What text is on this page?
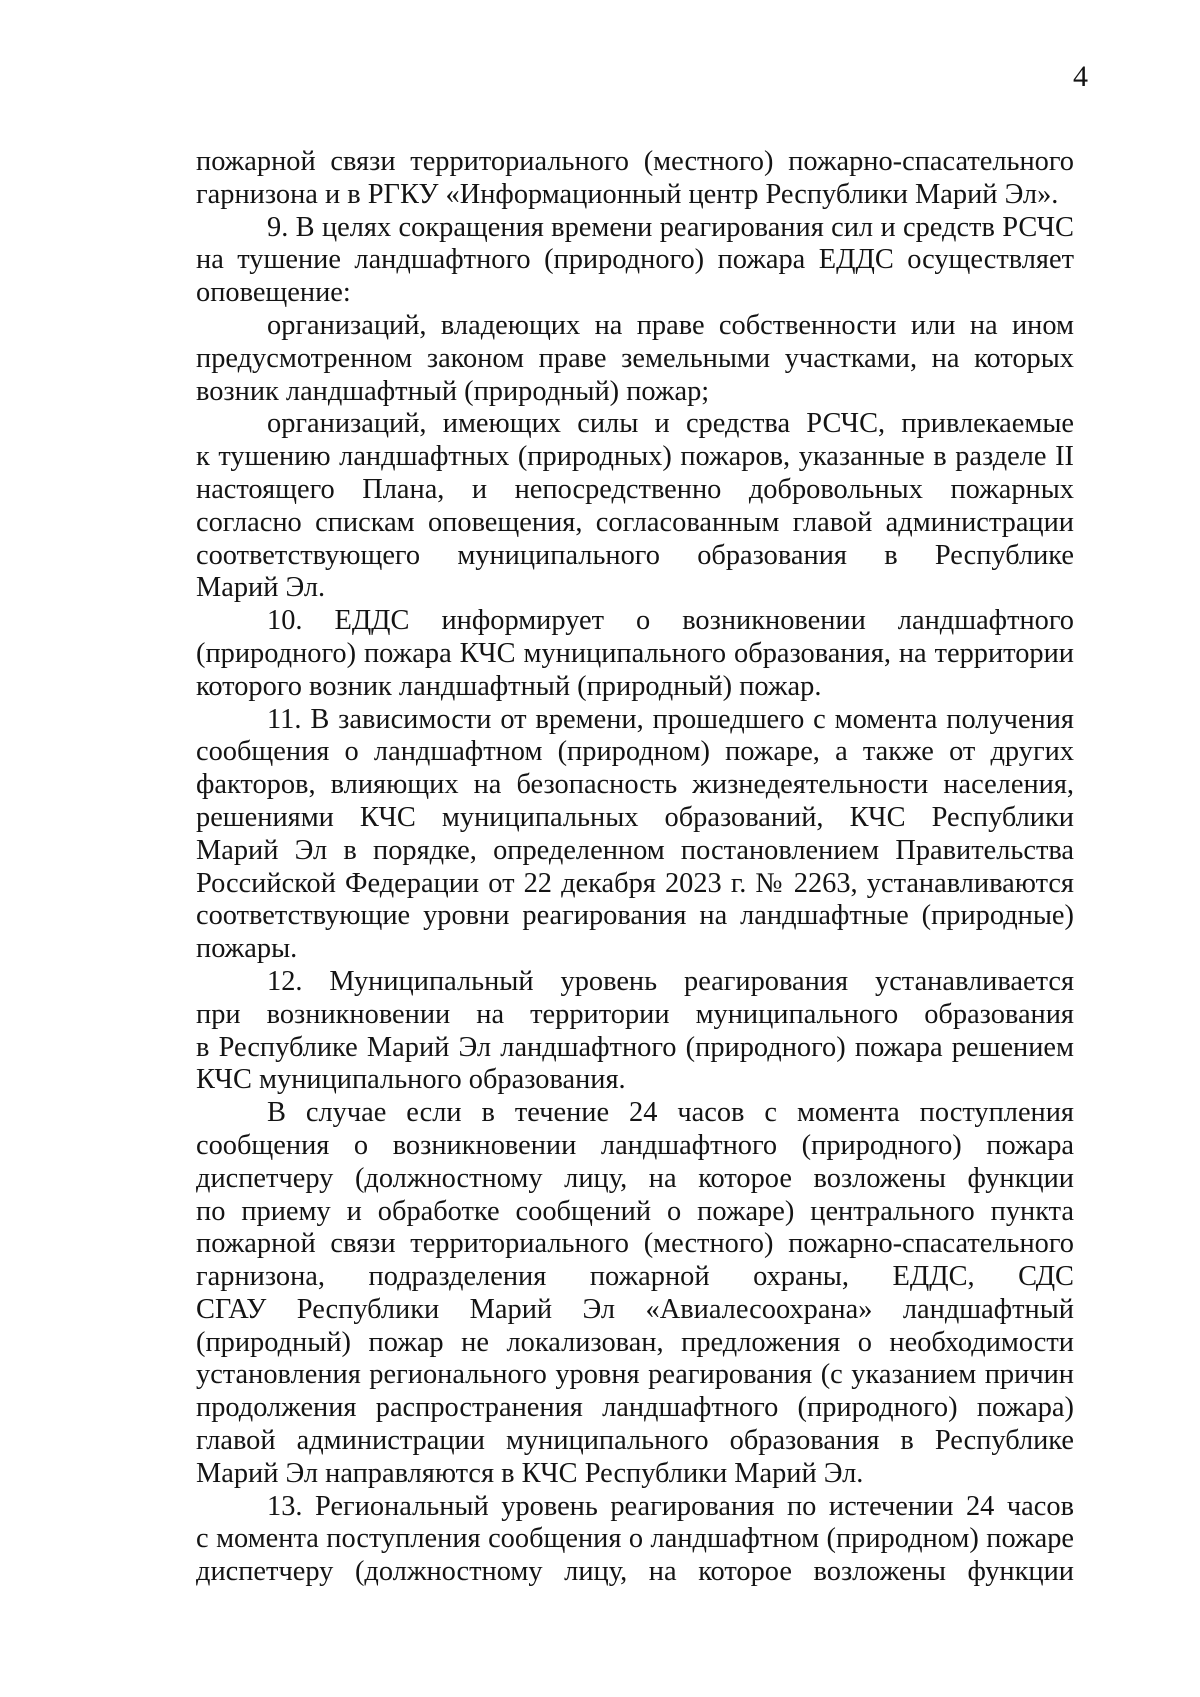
4
пожарной связи территориального (местного) пожарно-спасательного
гарнизона и в РГКУ «Информационный центр Республики Марий Эл».
9. В целях сокращения времени реагирования сил и средств РСЧС
на тушение ландшафтного (природного) пожара ЕДДС осуществляет
оповещение:
организаций, владеющих на праве собственности или на ином
предусмотренном законом праве земельными участками, на которых
возник ландшафтный (природный) пожар;
организаций, имеющих силы и средства РСЧС, привлекаемые
к тушению ландшафтных (природных) пожаров, указанные в разделе II
настоящего Плана, и непосредственно добровольных пожарных
согласно спискам оповещения, согласованным главой администрации
соответствующего муниципального образования в Республике
Марий Эл.
10. ЕДДС информирует о возникновении ландшафтного
(природного) пожара КЧС муниципального образования, на территории
которого возник ландшафтный (природный) пожар.
11. В зависимости от времени, прошедшего с момента получения
сообщения о ландшафтном (природном) пожаре, а также от других
факторов, влияющих на безопасность жизнедеятельности населения,
решениями КЧС муниципальных образований, КЧС Республики
Марий Эл в порядке, определенном постановлением Правительства
Российской Федерации от 22 декабря 2023 г. № 2263, устанавливаются
соответствующие уровни реагирования на ландшафтные (природные)
пожары.
12. Муниципальный уровень реагирования устанавливается
при возникновении на территории муниципального образования
в Республике Марий Эл ландшафтного (природного) пожара решением
КЧС муниципального образования.
В случае если в течение 24 часов с момента поступления
сообщения о возникновении ландшафтного (природного) пожара
диспетчеру (должностному лицу, на которое возложены функции
по приему и обработке сообщений о пожаре) центрального пункта
пожарной связи территориального (местного) пожарно-спасательного
гарнизона, подразделения пожарной охраны, ЕДДС, СДС
СГАУ Республики Марий Эл «Авиалесоохрана» ландшафтный
(природный) пожар не локализован, предложения о необходимости
установления регионального уровня реагирования (с указанием причин
продолжения распространения ландшафтного (природного) пожара)
главой администрации муниципального образования в Республике
Марий Эл направляются в КЧС Республики Марий Эл.
13. Региональный уровень реагирования по истечении 24 часов
с момента поступления сообщения о ландшафтном (природном) пожаре
диспетчеру (должностному лицу, на которое возложены функции
